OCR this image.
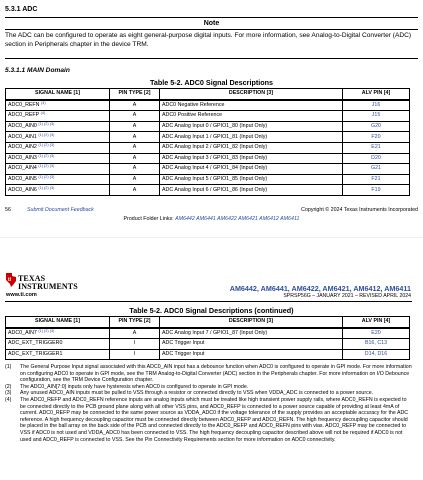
5.3.1 ADC
Note
The ADC can be configured to operate as eight general-purpose digital inputs. For more information, see Analog-to-Digital Converter (ADC) section in Peripherals chapter in the device TRM.
5.3.1.1 MAIN Domain
Table 5-2. ADC0 Signal Descriptions
SIGNAL NAME [1]	PIN TYPE [2]	DESCRIPTION [3]	ALV PIN [4]
ADC0_REFN $^{(4)}$	A	ADC0 Negative Reference	J16
ADC0_REFP $^{(4)}$	A	ADC0 Positive Reference	J15
ADC0_AIN0 $^{(1) (2) (3)}$	A	ADC Analog Input 0 / GPIO1_80 (Input Only)	G20
ADC0_AIN1 $^{(1) (2) (3)}$	A	ADC Analog Input 1 / GPIO1_81 (Input Only)	F20
ADC0_AIN2 $^{(1) (2) (3)}$	A	ADC Analog Input 2 / GPIO1_82 (Input Only)	E21
ADC0_AIN3 $^{(1) (2) (3)}$	A	ADC Analog Input 3 / GPIO1_83 (Input Only)	D20
ADC0_AIN4 $^{(1) (2) (3)}$	A	ADC Analog Input 4 / GPIO1_84 (Input Only)	G21
ADC0_AIN5 $^{(1) (2) (3)}$	A	ADC Analog Input 5 / GPIO1_85 (Input Only)	F21
ADC0_AIN6 $^{(1) (2) (3)}$	A	ADC Analog Input 6 / GPIO1_86 (Input Only)	F19
56	Submit Document Feedback	Copyright © 2024 Texas Instruments Incorporated
Product Folder Links: AM6442 AM6441 AM6422 AM6421 AM6412 AM6411
ti TEXAS
INSTRUMENTS
www.ti.com
AM6442, AM6441, AM6422, AM6421, AM6412, AM6411
SPRSP56G – JANUARY 2021 – REVISED APRIL 2024
Table 5-2. ADC0 Signal Descriptions (continued)
SIGNAL NAME [1]	PIN TYPE [2]	DESCRIPTION [3]	ALV PIN [4]
ADC0_AIN7 $^{(1) (2) (3)}$	A	ADC Analog Input 7 / GPIO1_87 (Input Only)	E20
ADC_EXT_TRIGGER0	I	ADC Trigger Input	B16, C13
ADC_EXT_TRIGGER1	I	ADC Trigger Input	D14, D16
(1)	The General Purpose Input signal associated with this ADC0_AIN input has a debounce function when ADC0 is configured to operate in GPI mode. For more information on configuring ADC0 to operate in GPI mode, see the TRM Analog-to-Digital Converter (ADC) section in the Peripherals chapter. For more information on I/O Debounce configuration, see the TRM Device Configuration chapter.
(2)	The ADC0_AIN[7:0] inputs only have hysteresis when ADC0 is configured to operate in GPI mode.
(3)	Any unused ADC0_AIN inputs must be pulled to VSS through a resistor or connected directly to VSS when VDDA_ADC is connected to a power source.
(4)	The ADC0_REFP and ADC0_REFN reference inputs are analog inputs which must be treated like high transient power supply rails, where ADC0_REFN is expected to be connected directly to the PCB ground plane along with all other VSS pins, and ADC0_REFP is connected to a power source capable of providing at least 4mA of current. ADC0_REFP may be connected to the same power source as VDDA_ADC0 if the voltage tolerance of the supply provides an acceptable accuracy for the ADC reference. A high frequency decoupling capacitor must be connected directly between ADC0_REFP and ADC0_REFN. The high frequency decoupling capacitor should be placed in the ball array on the back side of the PCB and connected directly to the ADC0_REFP and ADC0_REFN pins with vias. ADC0_REFP may be connected to VSS if ADC0 is not used and VDDA_ADC0 has been connected to VSS. The high frequency decoupling capacitor described above will not be required if ADC0 is not used and ADC0_REFP is connected to VSS. See the Pin Connectivity Requirements section for more information on ADC0 connectivity.
